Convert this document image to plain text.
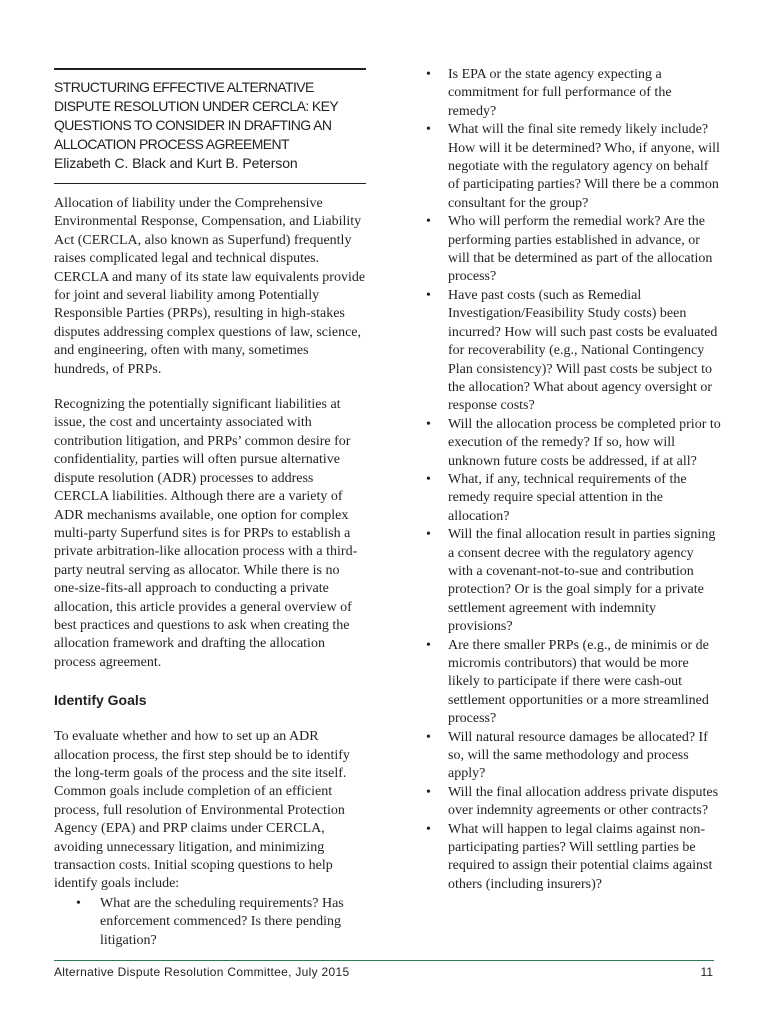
STRUCTURING EFFECTIVE ALTERNATIVE DISPUTE RESOLUTION UNDER CERCLA: KEY QUESTIONS TO CONSIDER IN DRAFTING AN ALLOCATION PROCESS AGREEMENT

Elizabeth C. Black and Kurt B. Peterson

Allocation of liability under the Comprehensive Environmental Response, Compensation, and Liability Act (CERCLA, also known as Superfund) frequently raises complicated legal and technical disputes. CERCLA and many of its state law equivalents provide for joint and several liability among Potentially Responsible Parties (PRPs), resulting in high-stakes disputes addressing complex questions of law, science, and engineering, often with many, sometimes hundreds, of PRPs.

Recognizing the potentially significant liabilities at issue, the cost and uncertainty associated with contribution litigation, and PRPs’ common desire for confidentiality, parties will often pursue alternative dispute resolution (ADR) processes to address CERCLA liabilities. Although there are a variety of ADR mechanisms available, one option for complex multi-party Superfund sites is for PRPs to establish a private arbitration-like allocation process with a third-party neutral serving as allocator. While there is no one-size-fits-all approach to conducting a private allocation, this article provides a general overview of best practices and questions to ask when creating the allocation framework and drafting the allocation process agreement.

Identify Goals

To evaluate whether and how to set up an ADR allocation process, the first step should be to identify the long-term goals of the process and the site itself. Common goals include completion of an efficient process, full resolution of Environmental Protection Agency (EPA) and PRP claims under CERCLA, avoiding unnecessary litigation, and minimizing transaction costs. Initial scoping questions to help identify goals include:

• What are the scheduling requirements? Has enforcement commenced? Is there pending litigation?
• Is EPA or the state agency expecting a commitment for full performance of the remedy?
• What will the final site remedy likely include? How will it be determined? Who, if anyone, will negotiate with the regulatory agency on behalf of participating parties? Will there be a common consultant for the group?
• Who will perform the remedial work? Are the performing parties established in advance, or will that be determined as part of the allocation process?
• Have past costs (such as Remedial Investigation/Feasibility Study costs) been incurred? How will such past costs be evaluated for recoverability (e.g., National Contingency Plan consistency)? Will past costs be subject to the allocation? What about agency oversight or response costs?
• Will the allocation process be completed prior to execution of the remedy? If so, how will unknown future costs be addressed, if at all?
• What, if any, technical requirements of the remedy require special attention in the allocation?
• Will the final allocation result in parties signing a consent decree with the regulatory agency with a covenant-not-to-sue and contribution protection? Or is the goal simply for a private settlement agreement with indemnity provisions?
• Are there smaller PRPs (e.g., de minimis or de micromis contributors) that would be more likely to participate if there were cash-out settlement opportunities or a more streamlined process?
• Will natural resource damages be allocated? If so, will the same methodology and process apply?
• Will the final allocation address private disputes over indemnity agreements or other contracts?
• What will happen to legal claims against non-participating parties? Will settling parties be required to assign their potential claims against others (including insurers)?
Alternative Dispute Resolution Committee, July 2015	11
